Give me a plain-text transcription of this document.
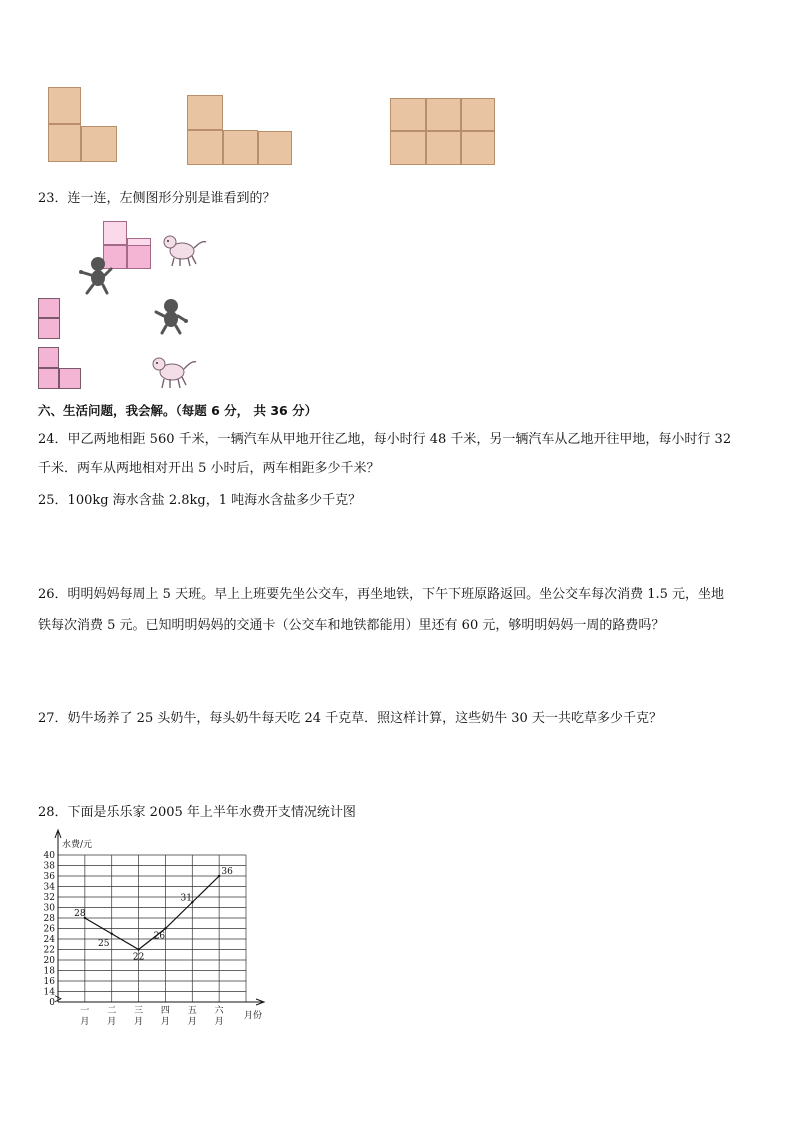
23．连一连，左侧图形分别是谁看到的？
六、生活问题，我会解。（每题 6 分， 共 36 分）
24．甲乙两地相距 560 千米，一辆汽车从甲地开往乙地，每小时行 48 千米，另一辆汽车从乙地开往甲地，每小时行 32
千米．两车从两地相对开出 5 小时后，两车相距多少千米？
25．100kg 海水含盐 2.8kg，1 吨海水含盐多少千克？
26．明明妈妈每周上 5 天班。早上上班要先坐公交车，再坐地铁，下午下班原路返回。坐公交车每次消费 1.5 元，坐地
铁每次消费 5 元。已知明明妈妈的交通卡（公交车和地铁都能用）里还有 60 元，够明明妈妈一周的路费吗？
27．奶牛场养了 25 头奶牛，每头奶牛每天吃 24 千克草．照这样计算，这些奶牛 30 天一共吃草多少千克？
28．下面是乐乐家 2005 年上半年水费开支情况统计图
0
14
16
18
20
22
24
26
28
30
32
34
36
38
40
水费/元
月份
一
月
二
月
三
月
四
月
五
月
六
月
28
25
22
26
31
36
